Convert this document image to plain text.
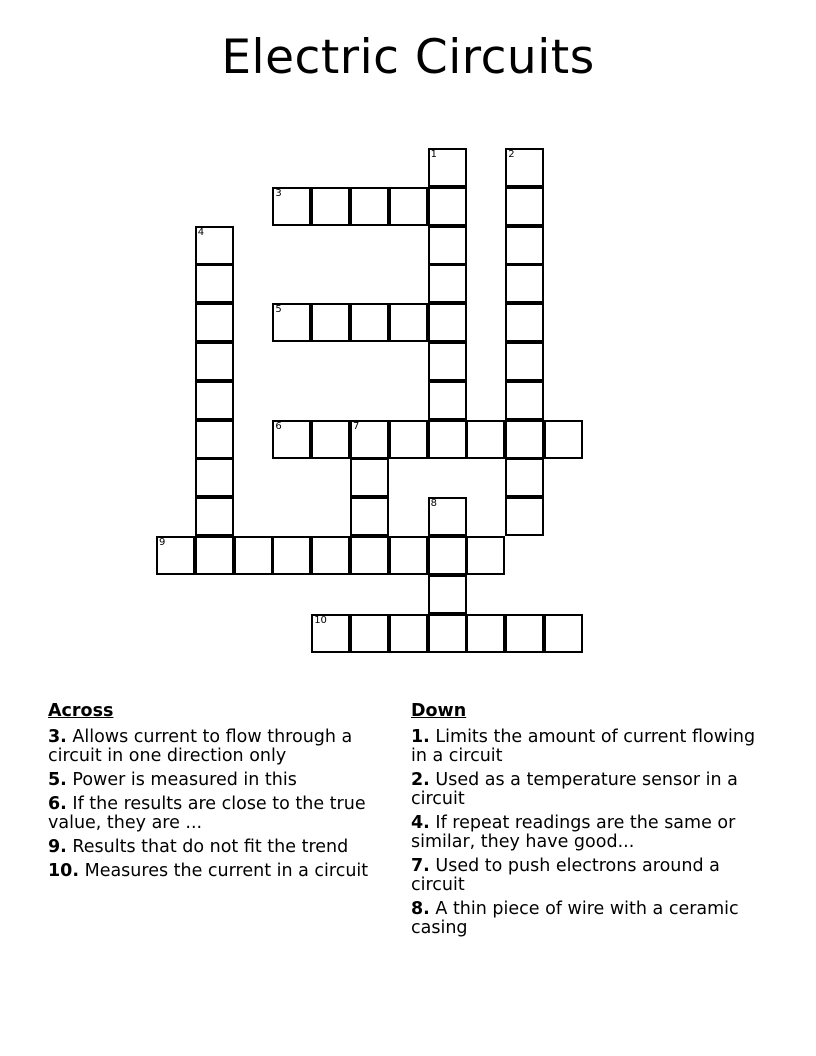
Electric Circuits
1	2
3
4
5
6	7
8
9
10
Across
3. Allows current to flow through a circuit in one direction only
5. Power is measured in this
6. If the results are close to the true value, they are ...
9. Results that do not fit the trend
10. Measures the current in a circuit
Down
1. Limits the amount of current flowing in a circuit
2. Used as a temperature sensor in a circuit
4. If repeat readings are the same or similar, they have good...
7. Used to push electrons around a circuit
8. A thin piece of wire with a ceramic casing
